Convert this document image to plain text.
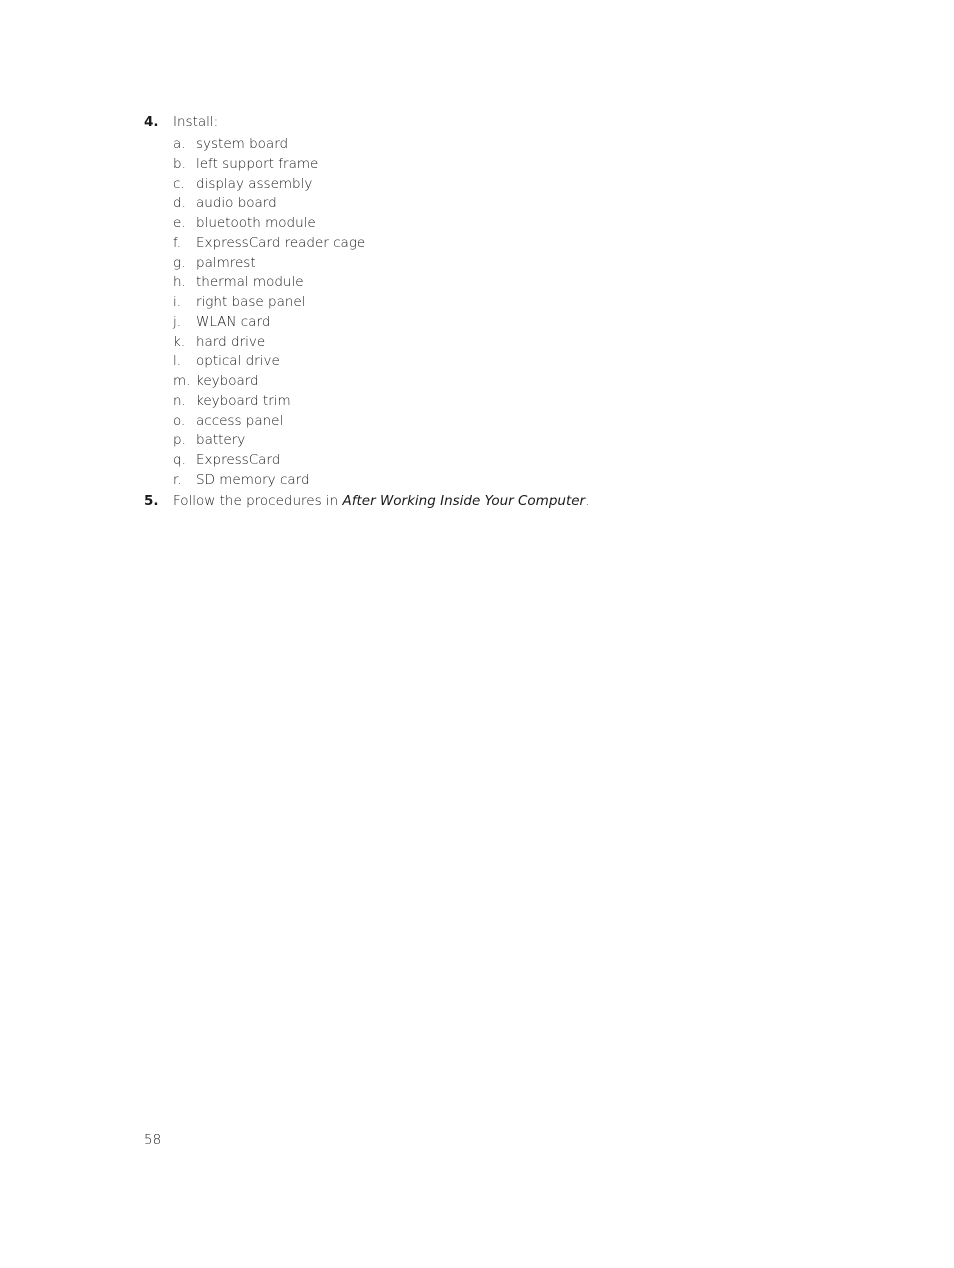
4.	Install:
a. system board
b. left support frame
c. display assembly
d. audio board
e. bluetooth module
f. ExpressCard reader cage
g. palmrest
h. thermal module
i. right base panel
j. WLAN card
k. hard drive
l. optical drive
m. keyboard
n. keyboard trim
o. access panel
p. battery
q. ExpressCard
r. SD memory card
5.	Follow the procedures in After Working Inside Your Computer.
58
